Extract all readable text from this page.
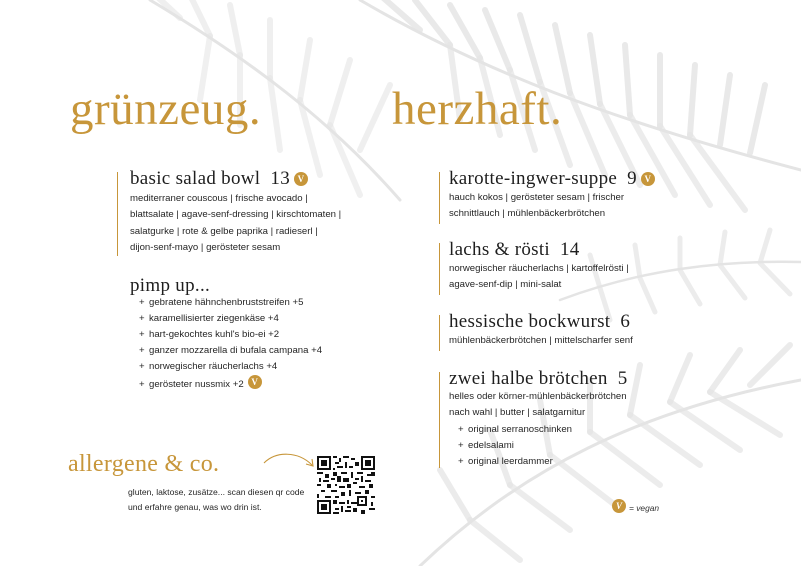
grünzeug.	herzhaft.
basic salad bowl 13 V
mediterraner couscous | frische avocado |
blattsalate | agave-senf-dressing | kirschtomaten |
salatgurke | rote & gelbe paprika | radieserl |
dijon-senf-mayo | gerösteter sesam
pimp up...
+ gebratene hähnchenbruststreifen +5
+ karamellisierter ziegenkäse +4
+ hart-gekochtes kuhl's bio-ei +2
+ ganzer mozzarella di bufala campana +4
+ norwegischer räucherlachs +4
+ gerösteter nussmix +2 V
karotte-ingwer-suppe 9 V
hauch kokos | gerösteter sesam | frischer
schnittlauch | mühlenbäckerbrötchen
lachs & rösti 14
norwegischer räucherlachs | kartoffelrösti |
agave-senf-dip | mini-salat
hessische bockwurst 6
mühlenbäckerbrötchen | mittelscharfer senf
zwei halbe brötchen 5
helles oder körner-mühlenbäckerbrötchen
nach wahl | butter | salatgarnitur
+ original serranoschinken
+ edelsalami
+ original leerdammer
allergene & co.
gluten, laktose, zusätze... scan diesen qr code
und erfahre genau, was wo drin ist.	V = vegan
